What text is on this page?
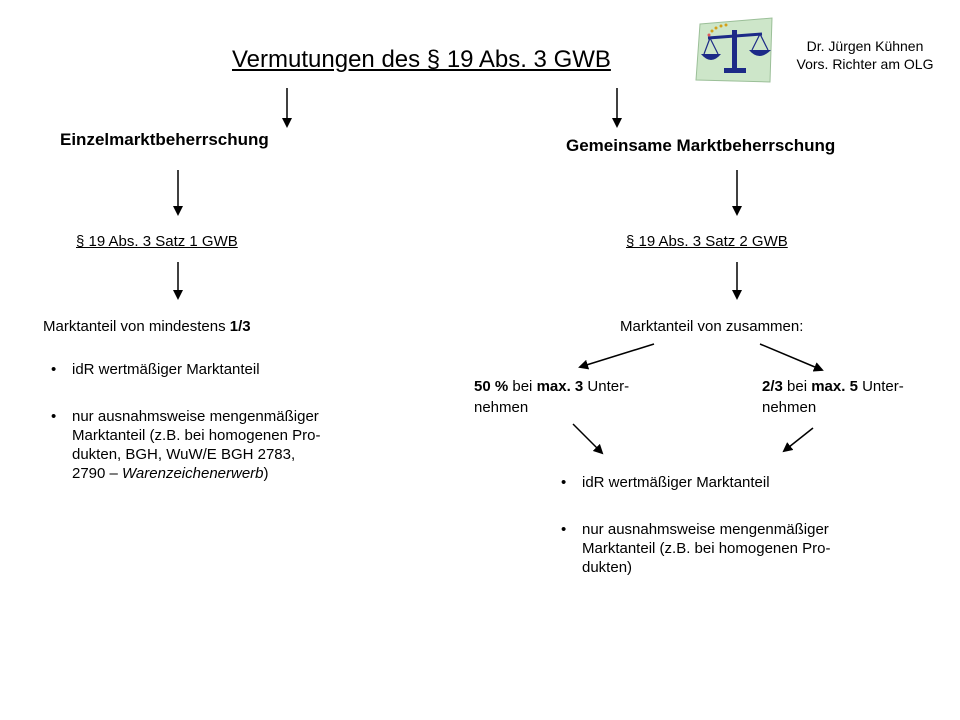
Vermutungen des § 19 Abs. 3 GWB	Dr. Jürgen Kühnen
Vors. Richter am OLG
Einzelmarktbeherrschung
§ 19 Abs. 3 Satz 1 GWB
Marktanteil von mindestens 1/3
• idR wertmäßiger Marktanteil
• nur ausnahmsweise mengenmäßiger
Marktanteil (z.B. bei homogenen Pro-
dukten, BGH, WuW/E BGH 2783,
2790 – Warenzeichenerwerb)
Gemeinsame Marktbeherrschung
§ 19 Abs. 3 Satz 2 GWB
Marktanteil von zusammen:
50 % bei max. 3 Unter-
nehmen
2/3 bei max. 5 Unter-
nehmen
• idR wertmäßiger Marktanteil
• nur ausnahmsweise mengenmäßiger
Marktanteil (z.B. bei homogenen Pro-
dukten)
